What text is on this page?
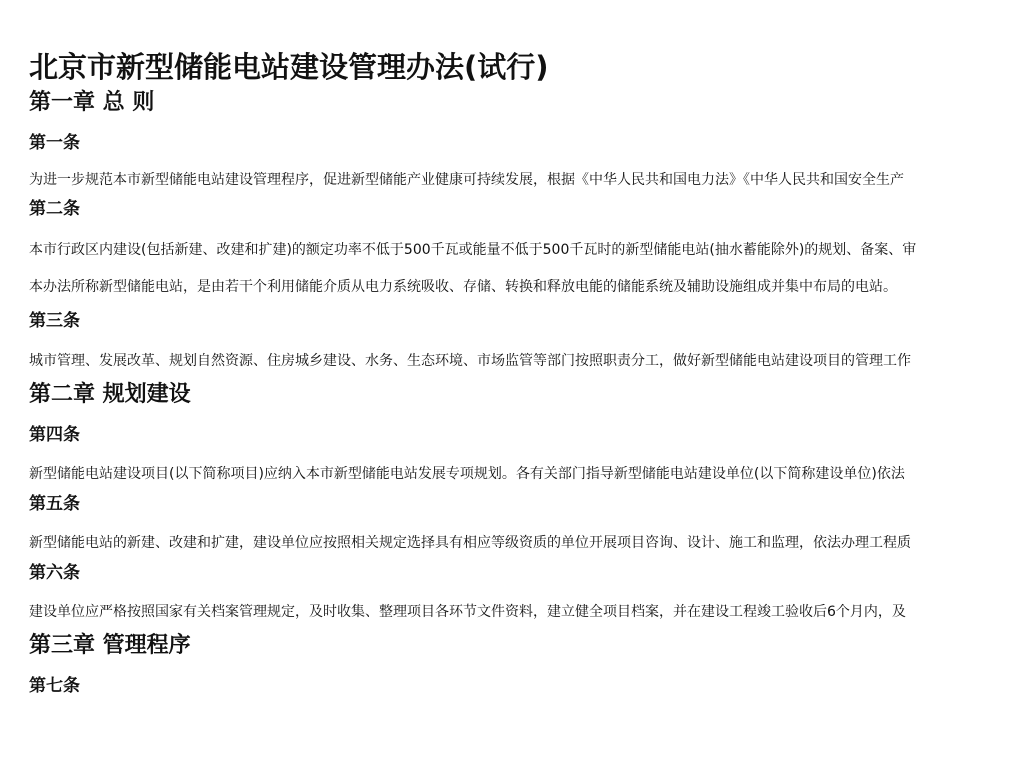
北京市新型储能电站建设管理办法(试行)
第一章 总 则
第一条

为进一步规范本市新型储能电站建设管理程序，促进新型储能产业健康可持续发展，根据《中华人民共和国电力法》《中华人民共和国安全生产

第二条

本市行政区内建设(包括新建、改建和扩建)的额定功率不低于500千瓦或能量不低于500千瓦时的新型储能电站(抽水蓄能除外)的规划、备案、审

本办法所称新型储能电站，是由若干个利用储能介质从电力系统吸收、存储、转换和释放电能的储能系统及辅助设施组成并集中布局的电站。

第三条

城市管理、发展改革、规划自然资源、住房城乡建设、水务、生态环境、市场监管等部门按照职责分工，做好新型储能电站建设项目的管理工作

第二章 规划建设
第四条

新型储能电站建设项目(以下简称项目)应纳入本市新型储能电站发展专项规划。各有关部门指导新型储能电站建设单位(以下简称建设单位)依法

第五条

新型储能电站的新建、改建和扩建，建设单位应按照相关规定选择具有相应等级资质的单位开展项目咨询、设计、施工和监理，依法办理工程质

第六条

建设单位应严格按照国家有关档案管理规定，及时收集、整理项目各环节文件资料，建立健全项目档案，并在建设工程竣工验收后6个月内，及

第三章 管理程序
第七条
